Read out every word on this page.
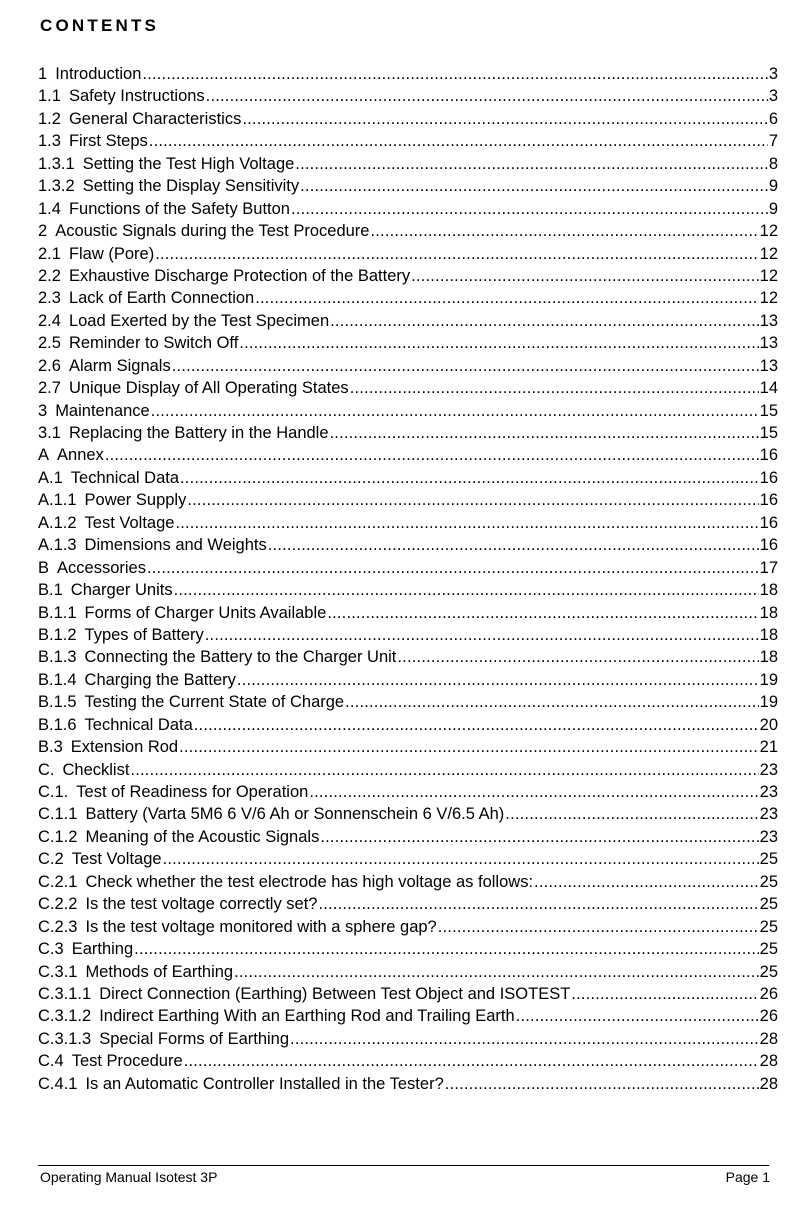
CONTENTS
1 Introduction .....	3
1.1 Safety Instructions .....	3
1.2 General Characteristics .....	6
1.3 First Steps .....	7
1.3.1 Setting the Test High Voltage .....	8
1.3.2 Setting the Display Sensitivity .....	9
1.4 Functions of the Safety Button .....	9
2 Acoustic Signals during the Test Procedure .....	12
2.1 Flaw (Pore) .....	12
2.2 Exhaustive Discharge Protection of the Battery .....	12
2.3 Lack of Earth Connection .....	12
2.4 Load Exerted by the Test Specimen .....	13
2.5 Reminder to Switch Off .....	13
2.6 Alarm Signals .....	13
2.7 Unique Display of All Operating States .....	14
3 Maintenance .....	15
3.1 Replacing the Battery in the Handle .....	15
A Annex .....	16
A.1 Technical Data .....	16
A.1.1 Power Supply .....	16
A.1.2 Test Voltage .....	16
A.1.3 Dimensions and Weights .....	16
B Accessories .....	17
B.1 Charger Units .....	18
B.1.1 Forms of Charger Units Available .....	18
B.1.2 Types of Battery .....	18
B.1.3 Connecting the Battery to the Charger Unit .....	18
B.1.4 Charging the Battery .....	19
B.1.5 Testing the Current State of Charge .....	19
B.1.6 Technical Data .....	20
B.3 Extension Rod .....	21
C. Checklist .....	23
C.1. Test of Readiness for Operation .....	23
C.1.1 Battery (Varta 5M6 6 V/6 Ah or Sonnenschein 6 V/6.5 Ah) .....	23
C.1.2 Meaning of the Acoustic Signals .....	23
C.2 Test Voltage .....	25
C.2.1 Check whether the test electrode has high voltage as follows: .....	25
C.2.2 Is the test voltage correctly set? .....	25
C.2.3 Is the test voltage monitored with a sphere gap? .....	25
C.3 Earthing .....	25
C.3.1 Methods of Earthing .....	25
C.3.1.1 Direct Connection (Earthing) Between Test Object and ISOTEST .....	26
C.3.1.2 Indirect Earthing With an Earthing Rod and Trailing Earth .....	26
C.3.1.3 Special Forms of Earthing .....	28
C.4 Test Procedure .....	28
C.4.1 Is an Automatic Controller Installed in the Tester? .....	28
Operating Manual Isotest 3P	Page 1
